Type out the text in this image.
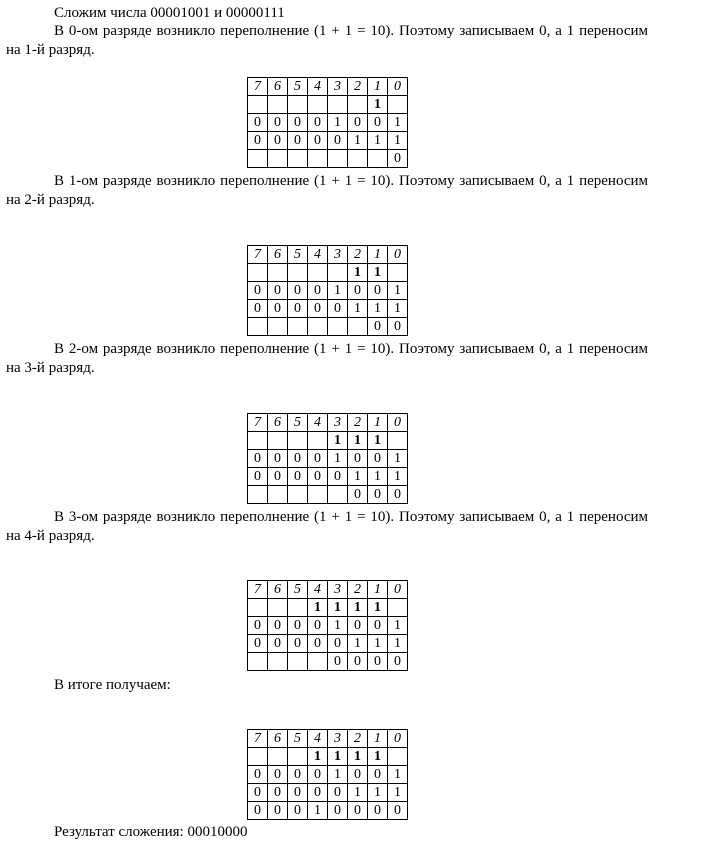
Сложим числа 00001001 и 00000111
В 0-ом разряде возникло переполнение (1 + 1 = 10). Поэтому записываем 0, а 1 переносим на 1-й разряд.
7	6	5	4	3	2	1	0
						1	
0	0	0	0	1	0	0	1
0	0	0	0	0	1	1	1
							0
В 1-ом разряде возникло переполнение (1 + 1 = 10). Поэтому записываем 0, а 1 переносим на 2-й разряд.
7	6	5	4	3	2	1	0
					1	1	
0	0	0	0	1	0	0	1
0	0	0	0	0	1	1	1
						0	0
В 2-ом разряде возникло переполнение (1 + 1 = 10). Поэтому записываем 0, а 1 переносим на 3-й разряд.
7	6	5	4	3	2	1	0
				1	1	1	
0	0	0	0	1	0	0	1
0	0	0	0	0	1	1	1
					0	0	0
В 3-ом разряде возникло переполнение (1 + 1 = 10). Поэтому записываем 0, а 1 переносим на 4-й разряд.
7	6	5	4	3	2	1	0
			1	1	1	1	
0	0	0	0	1	0	0	1
0	0	0	0	0	1	1	1
				0	0	0	0
В итоге получаем:
7	6	5	4	3	2	1	0
			1	1	1	1	
0	0	0	0	1	0	0	1
0	0	0	0	0	1	1	1
0	0	0	1	0	0	0	0
Результат сложения: 00010000
